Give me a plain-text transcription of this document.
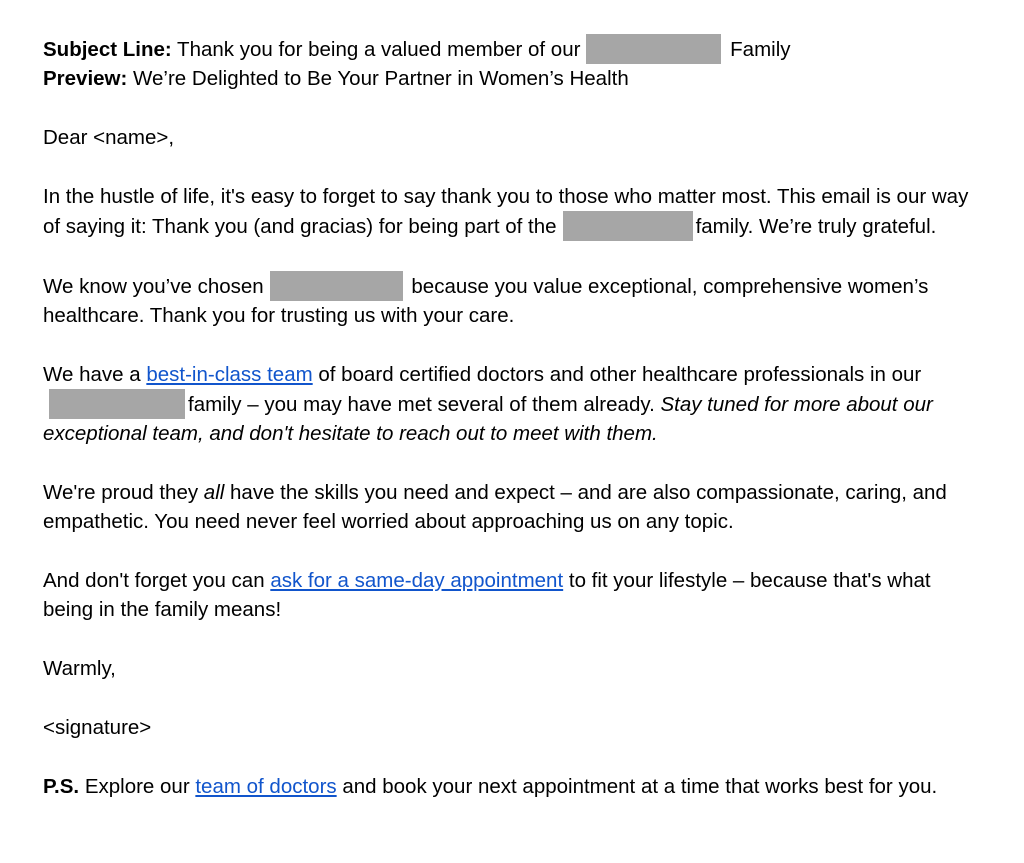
Subject Line: Thank you for being a valued member of our	Family

Preview: We’re Delighted to Be Your Partner in Women’s Health

Dear <name>,

In the hustle of life, it's easy to forget to say thank you to those who matter most. This email is our way of saying it: Thank you (and gracias) for being part of the	family. We’re truly grateful.

We know you’ve chosen	because you value exceptional, comprehensive women’s healthcare. Thank you for trusting us with your care.

We have a best-in-class team of board certified doctors and other healthcare professionals in ourfamily – you may have met several of them already. Stay tuned for more about our exceptional team, and don't hesitate to reach out to meet with them.

We're proud they all have the skills you need and expect – and are also compassionate, caring, and empathetic. You need never feel worried about approaching us on any topic.

And don't forget you can ask for a same-day appointment to fit your lifestyle – because that's what being in the family means!

Warmly,

<signature>

P.S. Explore our team of doctors and book your next appointment at a time that works best for you.
